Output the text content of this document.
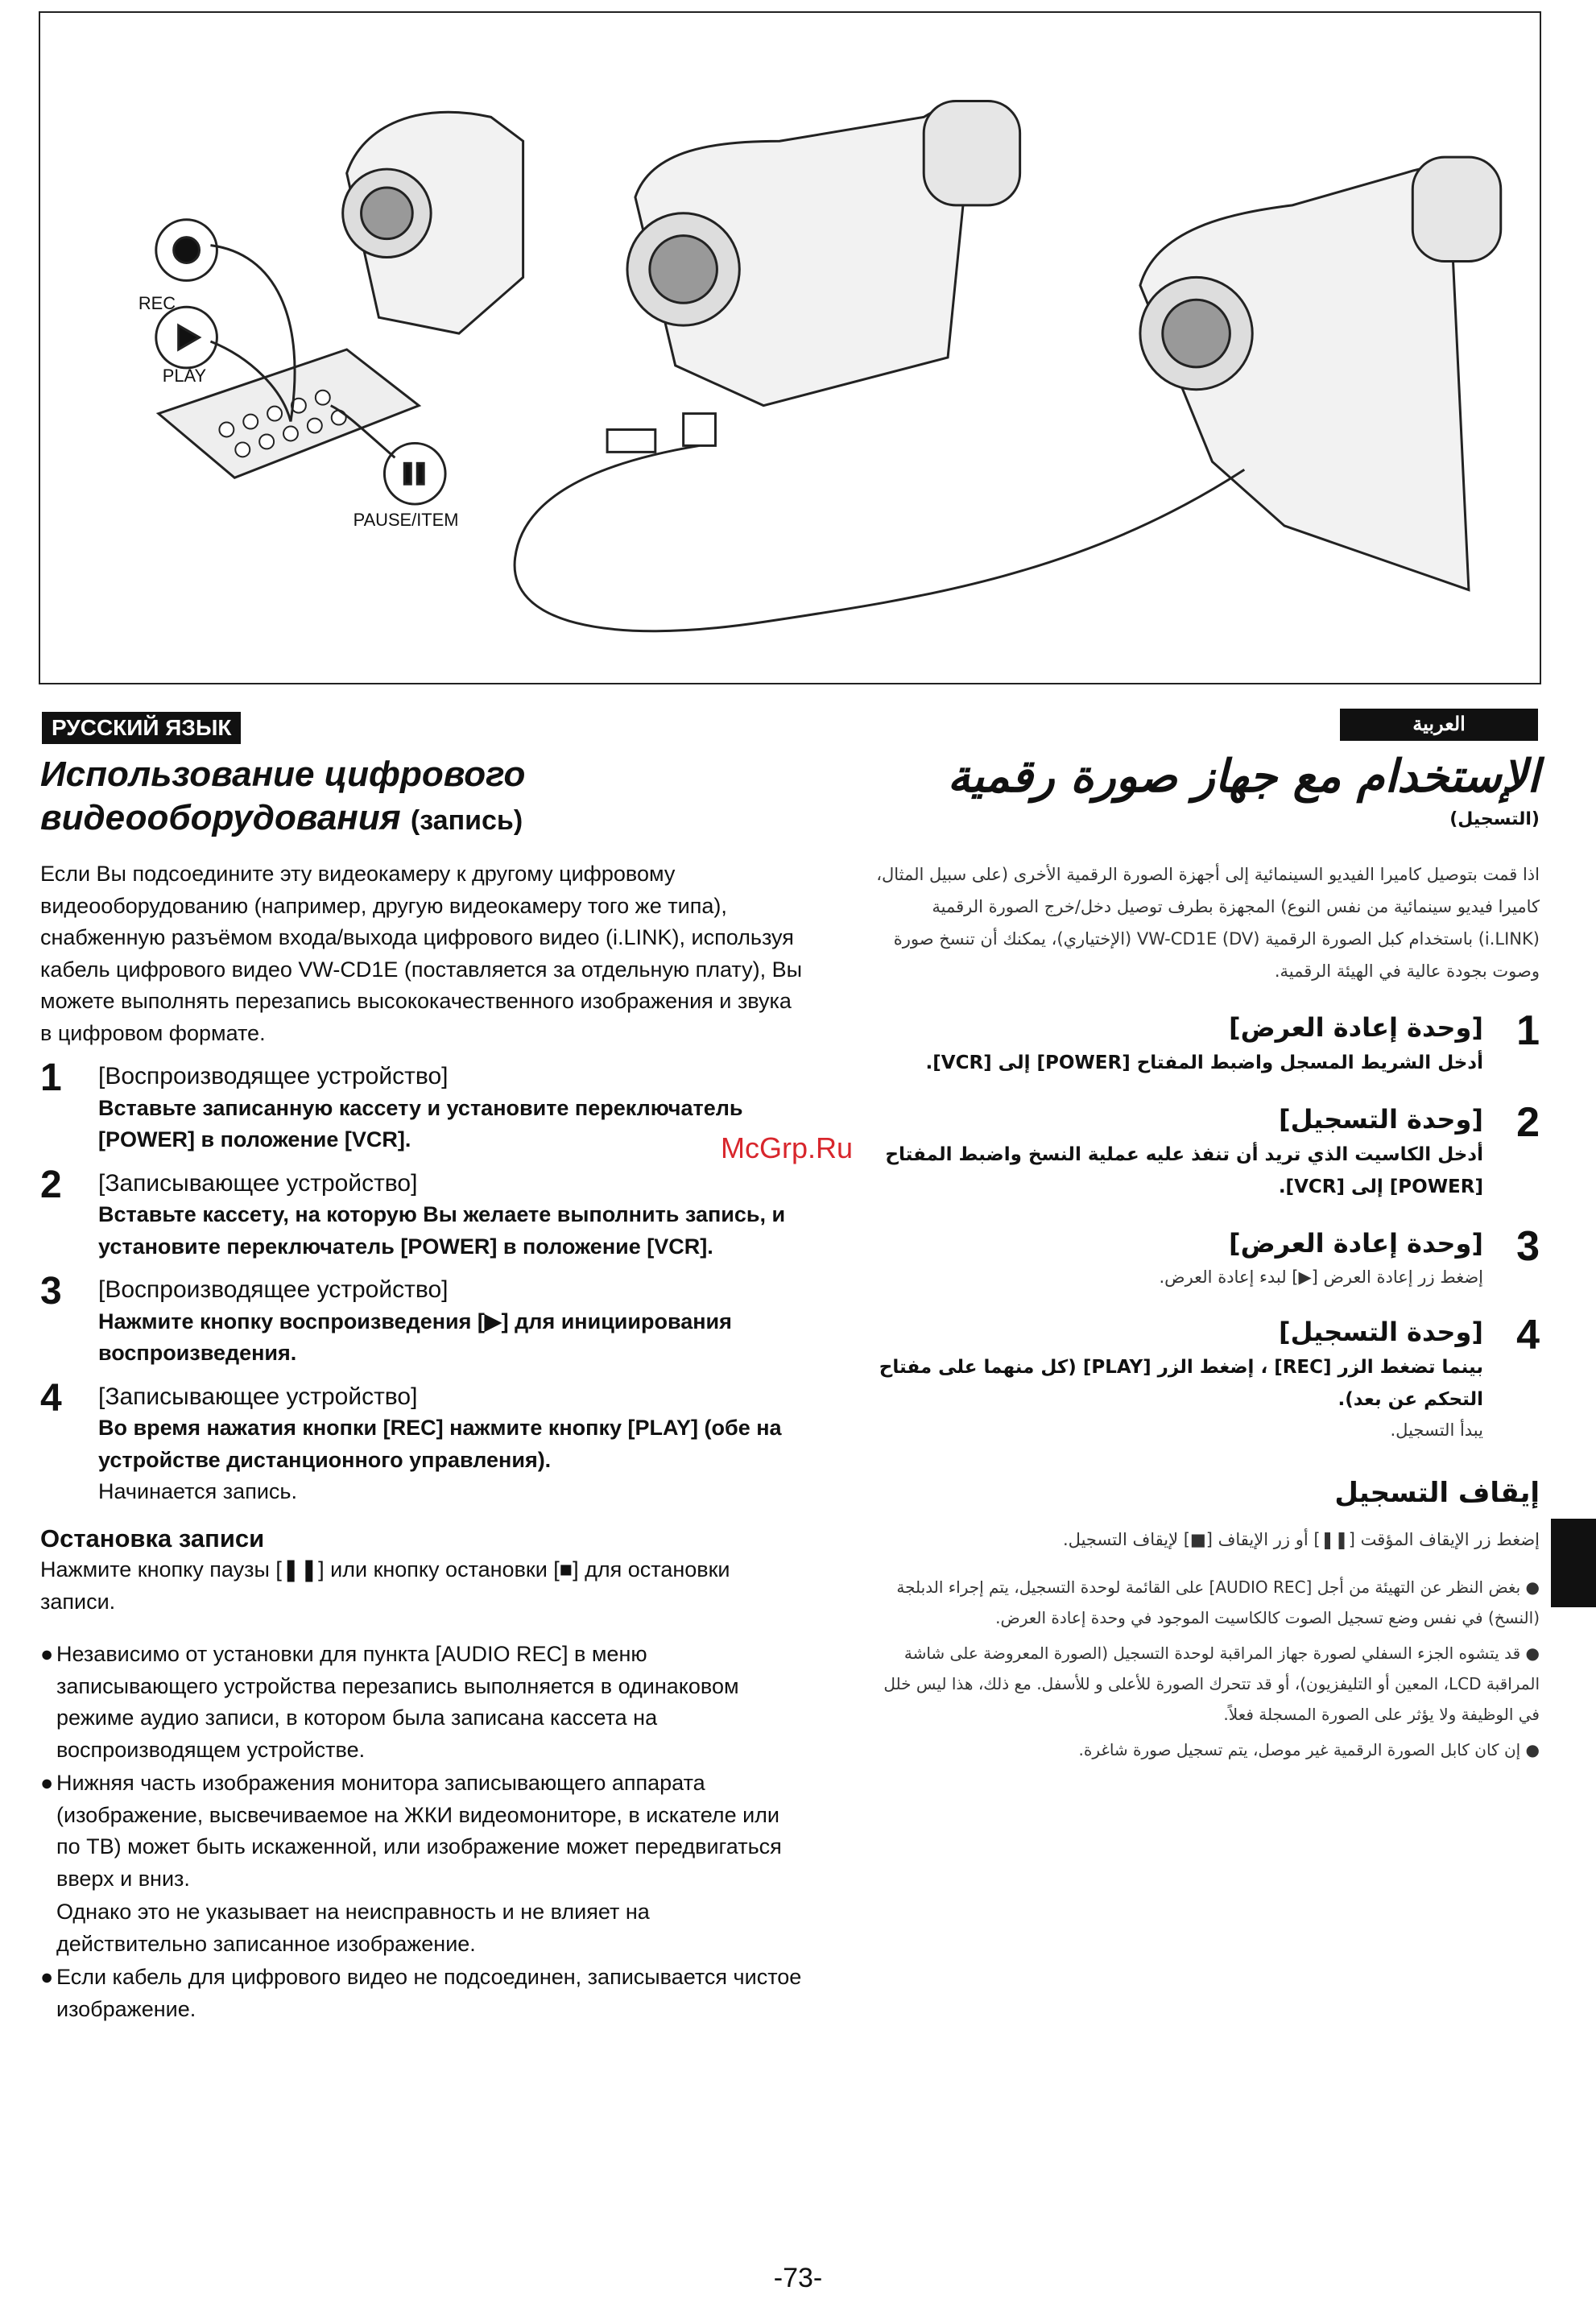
REC
PLAY
PAUSE/ITEM
РУССКИЙ ЯЗЫК	العربية
Использование цифрового видеооборудования (запись)

Если Вы подсоедините эту видеокамеру к другому цифровому видеооборудованию (например, другую видеокамеру того же типа), снабженную разъёмом входа/выхода цифрового видео (i.LINK), используя кабель цифрового видео VW-CD1E (поставляется за отдельную плату), Вы можете выполнять перезапись высококачественного изображения и звука в цифровом формате.

1	[Воспроизводящее устройство]
Вставьте записанную кассету и установите переключатель [POWER] в положение [VCR].
2	[Записывающее устройство]
Вставьте кассету, на которую Вы желаете выполнить запись, и установите переключатель [POWER] в положение [VCR].
3	[Воспроизводящее устройство]
Нажмите кнопку воспроизведения [▶] для инициирования воспроизведения.
4	[Записывающее устройство]
Во время нажатия кнопки [REC] нажмите кнопку [PLAY] (обе на устройстве дистанционного управления).
Начинается запись.
Остановка записи

Нажмите кнопку паузы [❚❚] или кнопку остановки [■] для остановки записи.

● Независимо от установки для пункта [AUDIO REC] в меню записывающего устройства перезапись выполняется в одинаковом режиме аудио записи, в котором была записана кассета на воспроизводящем устройстве.
● Нижняя часть изображения монитора записывающего аппарата (изображение, высвечиваемое на ЖКИ видеомониторе, в искателе или по ТВ) может быть искаженной, или изображение может передвигаться вверх и вниз.
Однако это не указывает на неисправность и не влияет на действительно записанное изображение.
● Если кабель для цифрового видео не подсоединен, записывается чистое изображение.
McGrp.Ru
الإستخدام مع جهاز صورة رقمية
(التسجيل)

اذا قمت بتوصيل كاميرا الفيديو السينمائية إلى أجهزة الصورة الرقمية الأخرى (على سبيل المثال، كاميرا فيديو سينمائية من نفس النوع) المجهزة بطرف توصيل دخل/خرج الصورة الرقمية (i.LINK) باستخدام كبل الصورة الرقمية (DV) VW-CD1E (الإختياري)، يمكنك أن تنسخ صورة وصوت بجودة عالية في الهيئة الرقمية.

1
[وحدة إعادة العرض]
أدخل الشريط المسجل واضبط المفتاح [POWER] إلى [VCR].
2
[وحدة التسجيل]
أدخل الكاسيت الذي تريد أن تنفذ عليه عملية النسخ واضبط المفتاح [POWER] إلى [VCR].
3
[وحدة إعادة العرض]
إضغط زر إعادة العرض [▶] لبدء إعادة العرض.
4
[وحدة التسجيل]
بينما تضغط الزر [REC] ، إضغط الزر [PLAY] (كل منهما على مفتاح التحكم عن بعد).
يبدأ التسجيل.
إيقاف التسجيل
إضغط زر الإيقاف المؤقت [❚❚] أو زر الإيقاف [■] لإيقاف التسجيل.
● بغض النظر عن التهيئة من أجل [AUDIO REC] على القائمة لوحدة التسجيل، يتم إجراء الدبلجة (النسخ) في نفس وضع تسجيل الصوت كالكاسيت الموجود في وحدة إعادة العرض.
● قد يتشوه الجزء السفلي لصورة جهاز المراقبة لوحدة التسجيل (الصورة المعروضة على شاشة المراقبة LCD، المعين أو التليفزيون)، أو قد تتحرك الصورة للأعلى و للأسفل. مع ذلك، هذا ليس خلل في الوظيفة ولا يؤثر على الصورة المسجلة فعلاً.
● إن كان كابل الصورة الرقمية غير موصل، يتم تسجيل صورة شاغرة.
-73-
